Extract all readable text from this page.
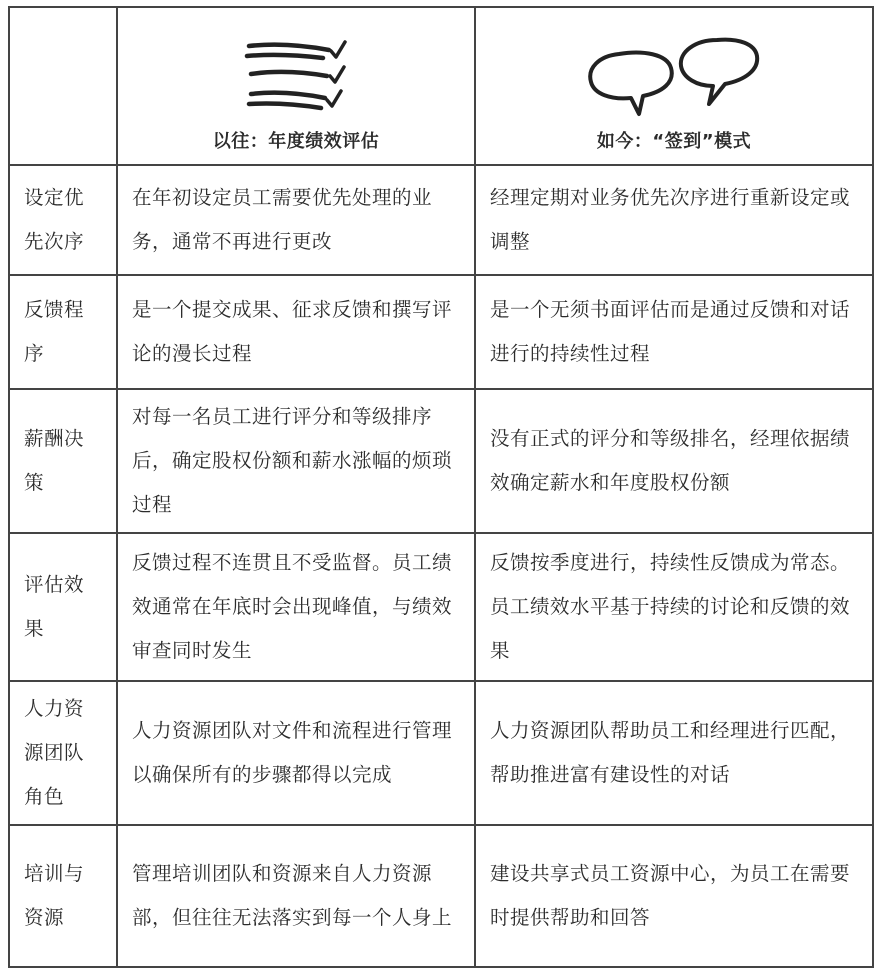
	以往：年度绩效评估	如今：“签到”模式

设定优先次序	在年初设定员工需要优先处理的业务，通常不再进行更改	经理定期对业务优先次序进行重新设定或调整
反馈程序	是一个提交成果、征求反馈和撰写评论的漫长过程	是一个无须书面评估而是通过反馈和对话进行的持续性过程
薪酬决策	对每一名员工进行评分和等级排序后，确定股权份额和薪水涨幅的烦琐过程	没有正式的评分和等级排名，经理依据绩效确定薪水和年度股权份额
评估效果	反馈过程不连贯且不受监督。员工绩效通常在年底时会出现峰值，与绩效审查同时发生	反馈按季度进行，持续性反馈成为常态。员工绩效水平基于持续的讨论和反馈的效果
人力资源团队角色	人力资源团队对文件和流程进行管理以确保所有的步骤都得以完成	人力资源团队帮助员工和经理进行匹配，帮助推进富有建设性的对话
培训与资源	管理培训团队和资源来自人力资源部，但往往无法落实到每一个人身上	建设共享式员工资源中心，为员工在需要时提供帮助和回答
